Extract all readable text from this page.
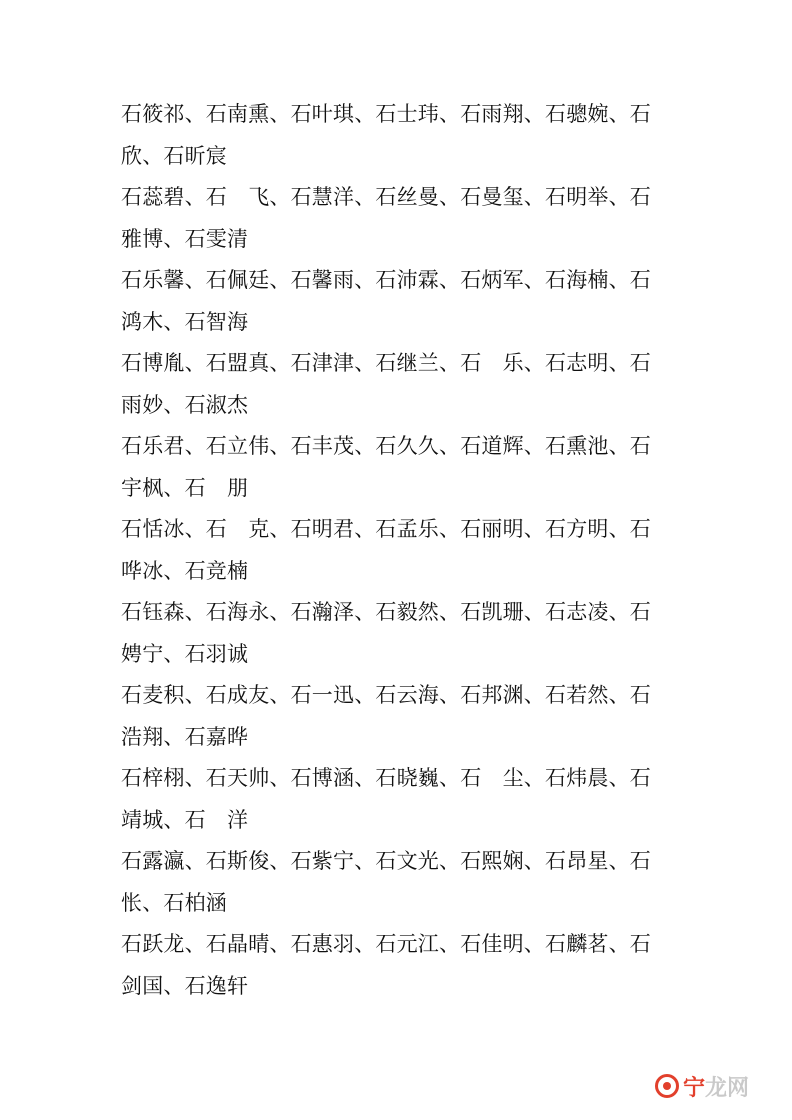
石筱祁、石南熏、石叶琪、石士玮、石雨翔、石骢婉、石
欣、石昕宸
石蕊碧、石　飞、石慧洋、石丝曼、石曼玺、石明举、石
雅博、石雯清
石乐馨、石佩廷、石馨雨、石沛霖、石炳军、石海楠、石
鸿木、石智海
石博胤、石盟真、石津津、石继兰、石　乐、石志明、石
雨妙、石淑杰
石乐君、石立伟、石丰茂、石久久、石道辉、石熏池、石
宇枫、石　朋
石恬冰、石　克、石明君、石孟乐、石丽明、石方明、石
哗冰、石竞楠
石钰森、石海永、石瀚泽、石毅然、石凯珊、石志凌、石
娉宁、石羽诚
石麦积、石成友、石一迅、石云海、石邦渊、石若然、石
浩翔、石嘉晔
石梓栩、石天帅、石博涵、石晓巍、石　尘、石炜晨、石
靖城、石　洋
石露瀛、石斯俊、石紫宁、石文光、石熙娴、石昂星、石
怅、石柏涵
石跃龙、石晶晴、石惠羽、石元江、石佳明、石麟茗、石
剑国、石逸轩
宁龙网
